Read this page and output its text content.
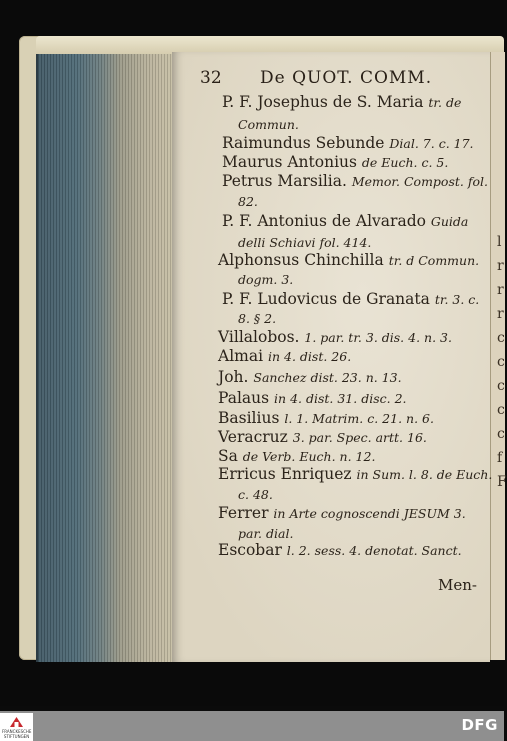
l
r
r
r
c
c
c
c
c
f
F
32 De QUOT. COMM.
P. F. Josephus de S. Maria tr. de
Commun.
Raimundus Sebunde Dial. 7. c. 17.
Maurus Antonius de Euch. c. 5.
Petrus Marsilia. Memor. Compost. fol.
82.
P. F. Antonius de Alvarado Guida
delli Schiavi fol. 414.
Alphonsus Chinchilla tr. d Commun.
dogm. 3.
P. F. Ludovicus de Granata tr. 3. c.
8. § 2.
Villalobos. 1. par. tr. 3. dis. 4. n. 3.
Almai in 4. dist. 26.
Joh. Sanchez dist. 23. n. 13.
Palaus in 4. dist. 31. disc. 2.
Basilius l. 1. Matrim. c. 21. n. 6.
Veracruz 3. par. Spec. artt. 16.
Sa de Verb. Euch. n. 12.
Erricus Enriquez in Sum. l. 8. de Euch.
c. 48.
Ferrer in Arte cognoscendi JESUM 3.
par. dial.
Escobar l. 2. sess. 4. denotat. Sanct.
Men-
FRANCKESCHE STIFTUNGEN
DFG
